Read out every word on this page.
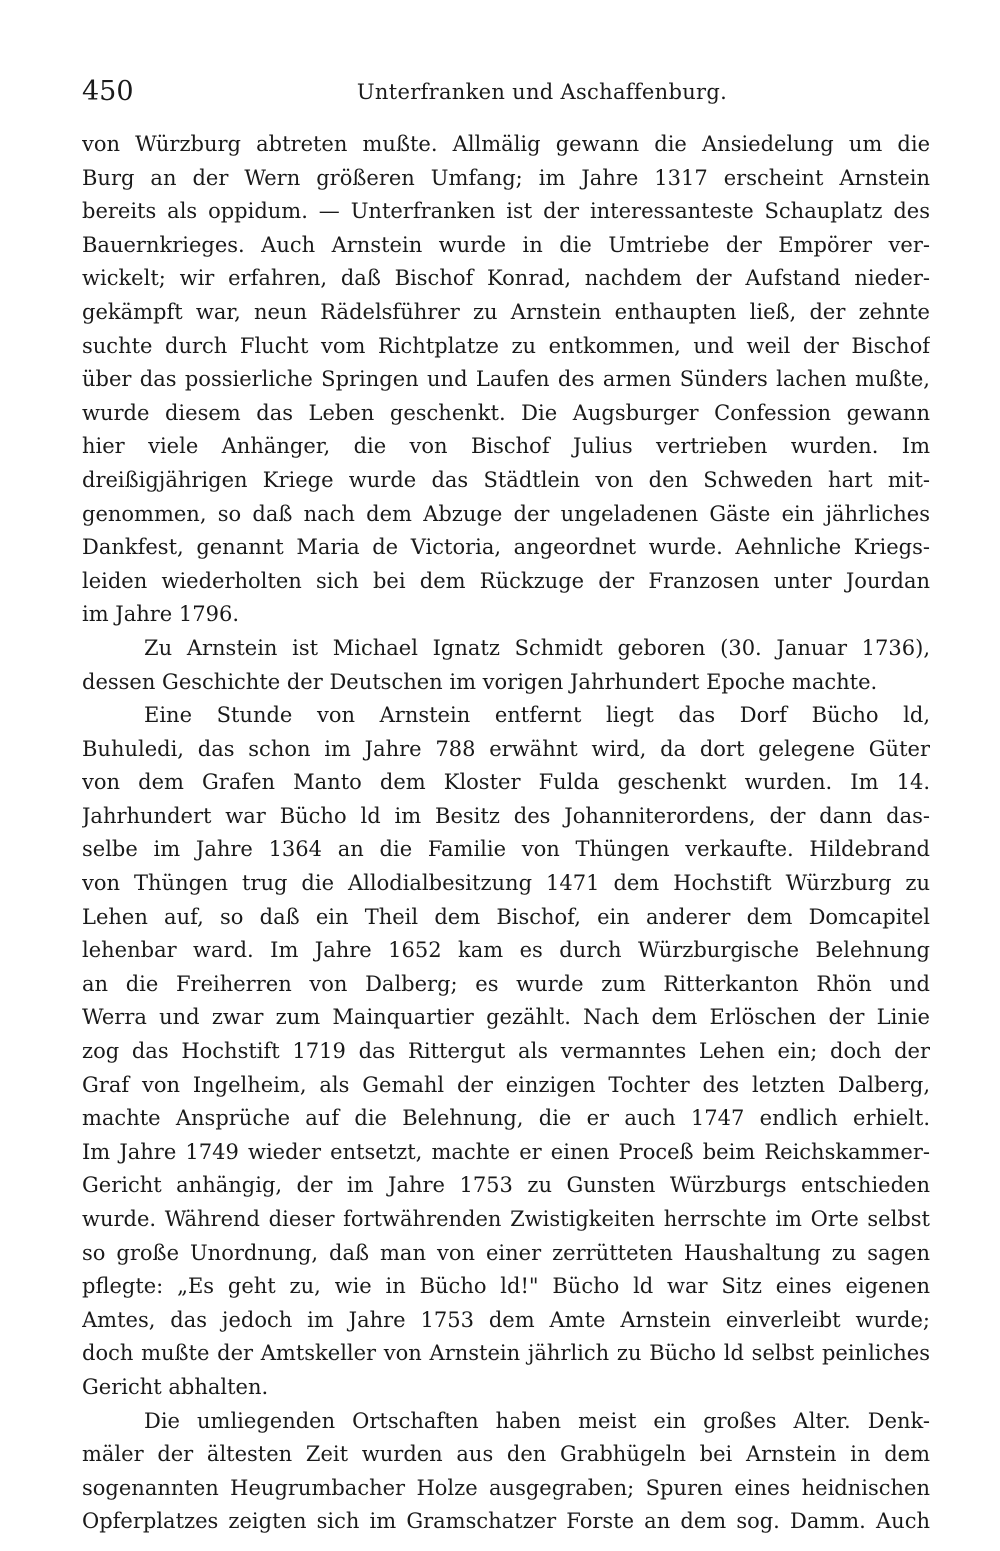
450	Unterfranken und Aschaffenburg.
von Würzburg abtreten mußte. Allmälig gewann die Ansiedelung um die
Burg an der Wern größeren Umfang; im Jahre 1317 erscheint Arnstein
bereits als oppidum. — Unterfranken ist der interessanteste Schauplatz des
Bauernkrieges. Auch Arnstein wurde in die Umtriebe der Empörer ver-
wickelt; wir erfahren, daß Bischof Konrad, nachdem der Aufstand nieder-
gekämpft war, neun Rädelsführer zu Arnstein enthaupten ließ, der zehnte
suchte durch Flucht vom Richtplatze zu entkommen, und weil der Bischof
über das possierliche Springen und Laufen des armen Sünders lachen mußte,
wurde diesem das Leben geschenkt. Die Augsburger Confession gewann
hier viele Anhänger, die von Bischof Julius vertrieben wurden. Im
dreißigjährigen Kriege wurde das Städtlein von den Schweden hart mit-
genommen, so daß nach dem Abzuge der ungeladenen Gäste ein jährliches
Dankfest, genannt Maria de Victoria, angeordnet wurde. Aehnliche Kriegs-
leiden wiederholten sich bei dem Rückzuge der Franzosen unter Jourdan
im Jahre 1796.
Zu Arnstein ist Michael Ignatz Schmidt geboren (30. Januar 1736),
dessen Geschichte der Deutschen im vorigen Jahrhundert Epoche machte.
Eine Stunde von Arnstein entfernt liegt das Dorf Bücho ld,
Buhuledi, das schon im Jahre 788 erwähnt wird, da dort gelegene Güter
von dem Grafen Manto dem Kloster Fulda geschenkt wurden. Im 14.
Jahrhundert war Bücho ld im Besitz des Johanniterordens, der dann das-
selbe im Jahre 1364 an die Familie von Thüngen verkaufte. Hildebrand
von Thüngen trug die Allodialbesitzung 1471 dem Hochstift Würzburg zu
Lehen auf, so daß ein Theil dem Bischof, ein anderer dem Domcapitel
lehenbar ward. Im Jahre 1652 kam es durch Würzburgische Belehnung
an die Freiherren von Dalberg; es wurde zum Ritterkanton Rhön und
Werra und zwar zum Mainquartier gezählt. Nach dem Erlöschen der Linie
zog das Hochstift 1719 das Rittergut als vermanntes Lehen ein; doch der
Graf von Ingelheim, als Gemahl der einzigen Tochter des letzten Dalberg,
machte Ansprüche auf die Belehnung, die er auch 1747 endlich erhielt.
Im Jahre 1749 wieder entsetzt, machte er einen Proceß beim Reichskammer-
Gericht anhängig, der im Jahre 1753 zu Gunsten Würzburgs entschieden
wurde. Während dieser fortwährenden Zwistigkeiten herrschte im Orte selbst
so große Unordnung, daß man von einer zerrütteten Haushaltung zu sagen
pflegte: „Es geht zu, wie in Bücho ld!" Bücho ld war Sitz eines eigenen
Amtes, das jedoch im Jahre 1753 dem Amte Arnstein einverleibt wurde;
doch mußte der Amtskeller von Arnstein jährlich zu Bücho ld selbst peinliches
Gericht abhalten.
Die umliegenden Ortschaften haben meist ein großes Alter. Denk-
mäler der ältesten Zeit wurden aus den Grabhügeln bei Arnstein in dem
sogenannten Heugrumbacher Holze ausgegraben; Spuren eines heidnischen
Opferplatzes zeigten sich im Gramschatzer Forste an dem sog. Damm. Auch
